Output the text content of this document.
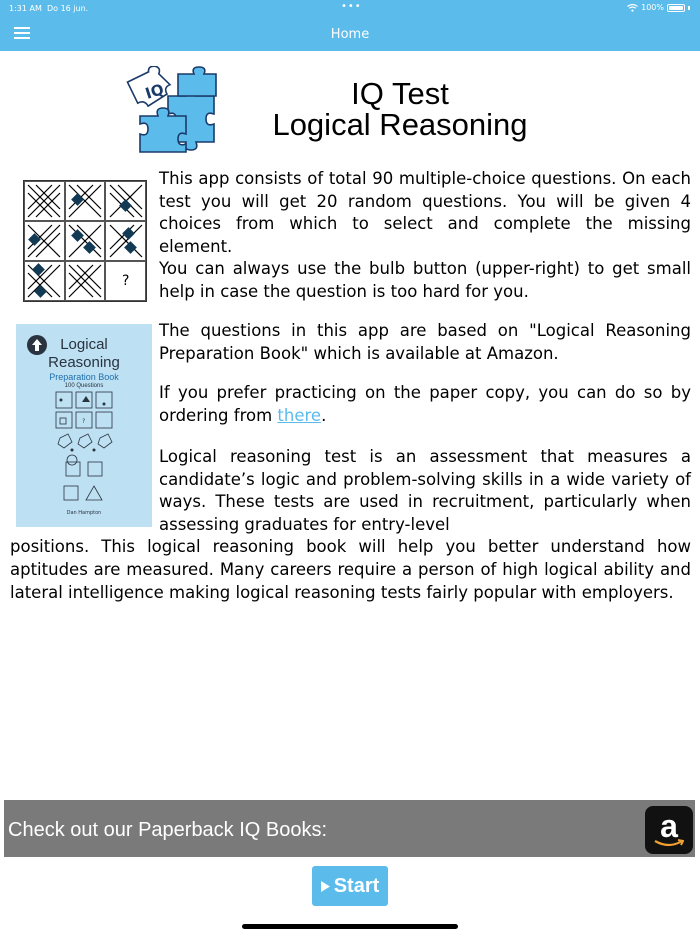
1:31 AM Do 16 jun.	•••	100%
Home
IQ	IQ Test
Logical Reasoning
?

This app consists of total 90 multiple-choice questions. On each test you will get 20 random questions. You will be given 4 choices from which to select and complete the missing element.
You can always use the bulb button (upper-right) to get small help in case the question is too hard for you.

Logical
Reasoning
Preparation Book
100 Questions
?
Dan Hampton

The questions in this app are based on "Logical Reasoning Preparation Book" which is available at Amazon.

If you prefer practicing on the paper copy, you can do so by ordering from there.

Logical reasoning test is an assessment that measures a candidate’s logic and problem-solving skills in a wide variety of ways. These tests are used in recruitment, particularly when assessing graduates for entry-level
positions. This logical reasoning book will help you better understand how aptitudes are measured. Many careers require a person of high logical ability and lateral intelligence making logical reasoning tests fairly popular with employers.

Check out our Paperback IQ Books:	a
Start
